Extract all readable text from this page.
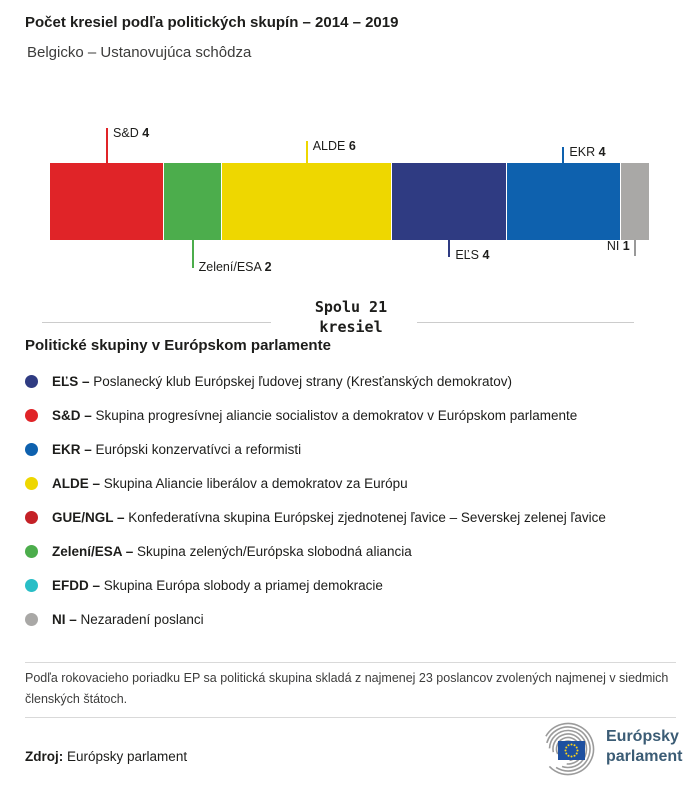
Počet kresiel podľa politických skupín – 2014 – 2019
Belgicko – Ustanovujúca schôdza
S&D 4
Zelení/ESA 2
ALDE 6
EĽS 4
EKR 4
NI 1
Spolu 21
kresiel
Politické skupiny v Európskom parlamente
EĽS – Poslanecký klub Európskej ľudovej strany (Kresťanských demokratov)
S&D – Skupina progresívnej aliancie socialistov a demokratov v Európskom parlamente
EKR – Európski konzervatívci a reformisti
ALDE – Skupina Aliancie liberálov a demokratov za Európu
GUE/NGL – Konfederatívna skupina Európskej zjednotenej ľavice – Severskej zelenej ľavice
Zelení/ESA – Skupina zelených/Európska slobodná aliancia
EFDD – Skupina Európa slobody a priamej demokracie
NI – Nezaradení poslanci
Podľa rokovacieho poriadku EP sa politická skupina skladá z najmenej 23 poslancov zvolených najmenej v siedmich členských štátoch.
Európsky
parlament
Zdroj: Európsky parlament
